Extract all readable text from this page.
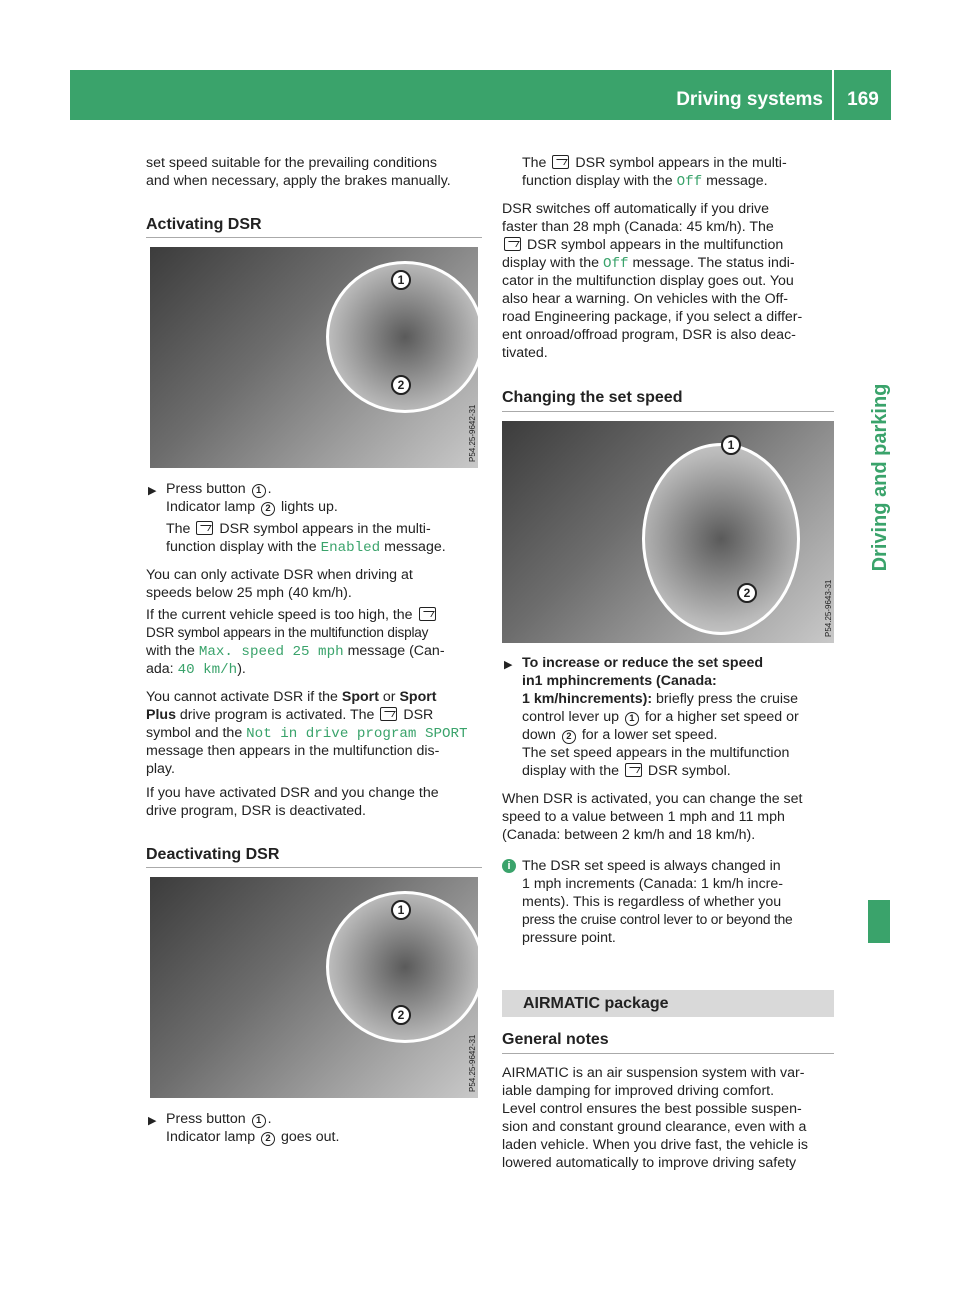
Driving systems	169
Driving and parking
set speed suitable for the prevailing conditions
and when necessary, apply the brakes manually.
Activating DSR
1
2
P54.25-9642-31
▶ Press button 1 .
Indicator lamp 2 lights up.
The DSR symbol appears in the multi-
function display with the Enabled message.
You can only activate DSR when driving at
speeds below 25 mph (40 km/h).
If the current vehicle speed is too high, the
DSR symbol appears in the multifunction display
with the Max. speed 25 mph message (Can-
ada: 40 km/h).
You cannot activate DSR if the Sport or Sport
Plus drive program is activated. The DSR
symbol and the Not in drive program SPORT
message then appears in the multifunction dis-
play.
If you have activated DSR and you change the
drive program, DSR is deactivated.
Deactivating DSR
1
2
P54.25-9642-31
▶ Press button 1 .
Indicator lamp 2 goes out.
The DSR symbol appears in the multi-
function display with the Off message.
DSR switches off automatically if you drive
faster than 28 mph (Canada: 45 km/h). The
DSR symbol appears in the multifunction
display with the Off message. The status indi-
cator in the multifunction display goes out. You
also hear a warning. On vehicles with the Off-
road Engineering package, if you select a differ-
ent onroad/offroad program, DSR is also deac-
tivated.
Changing the set speed
1
2	P54.25-9643-31
▶ To increase or reduce the set speed
in1 mphincrements (Canada:
1 km/hincrements): briefly press the cruise
control lever up 1 for a higher set speed or
down 2 for a lower set speed.
The set speed appears in the multifunction
display with the DSR symbol.
When DSR is activated, you can change the set
speed to a value between 1 mph and 11 mph
(Canada: between 2 km/h and 18 km/h).
i The DSR set speed is always changed in
1 mph increments (Canada: 1 km/h incre-
ments). This is regardless of whether you
press the cruise control lever to or beyond the
pressure point.
AIRMATIC package
General notes
AIRMATIC is an air suspension system with var-
iable damping for improved driving comfort.
Level control ensures the best possible suspen-
sion and constant ground clearance, even with a
laden vehicle. When you drive fast, the vehicle is
lowered automatically to improve driving safety
